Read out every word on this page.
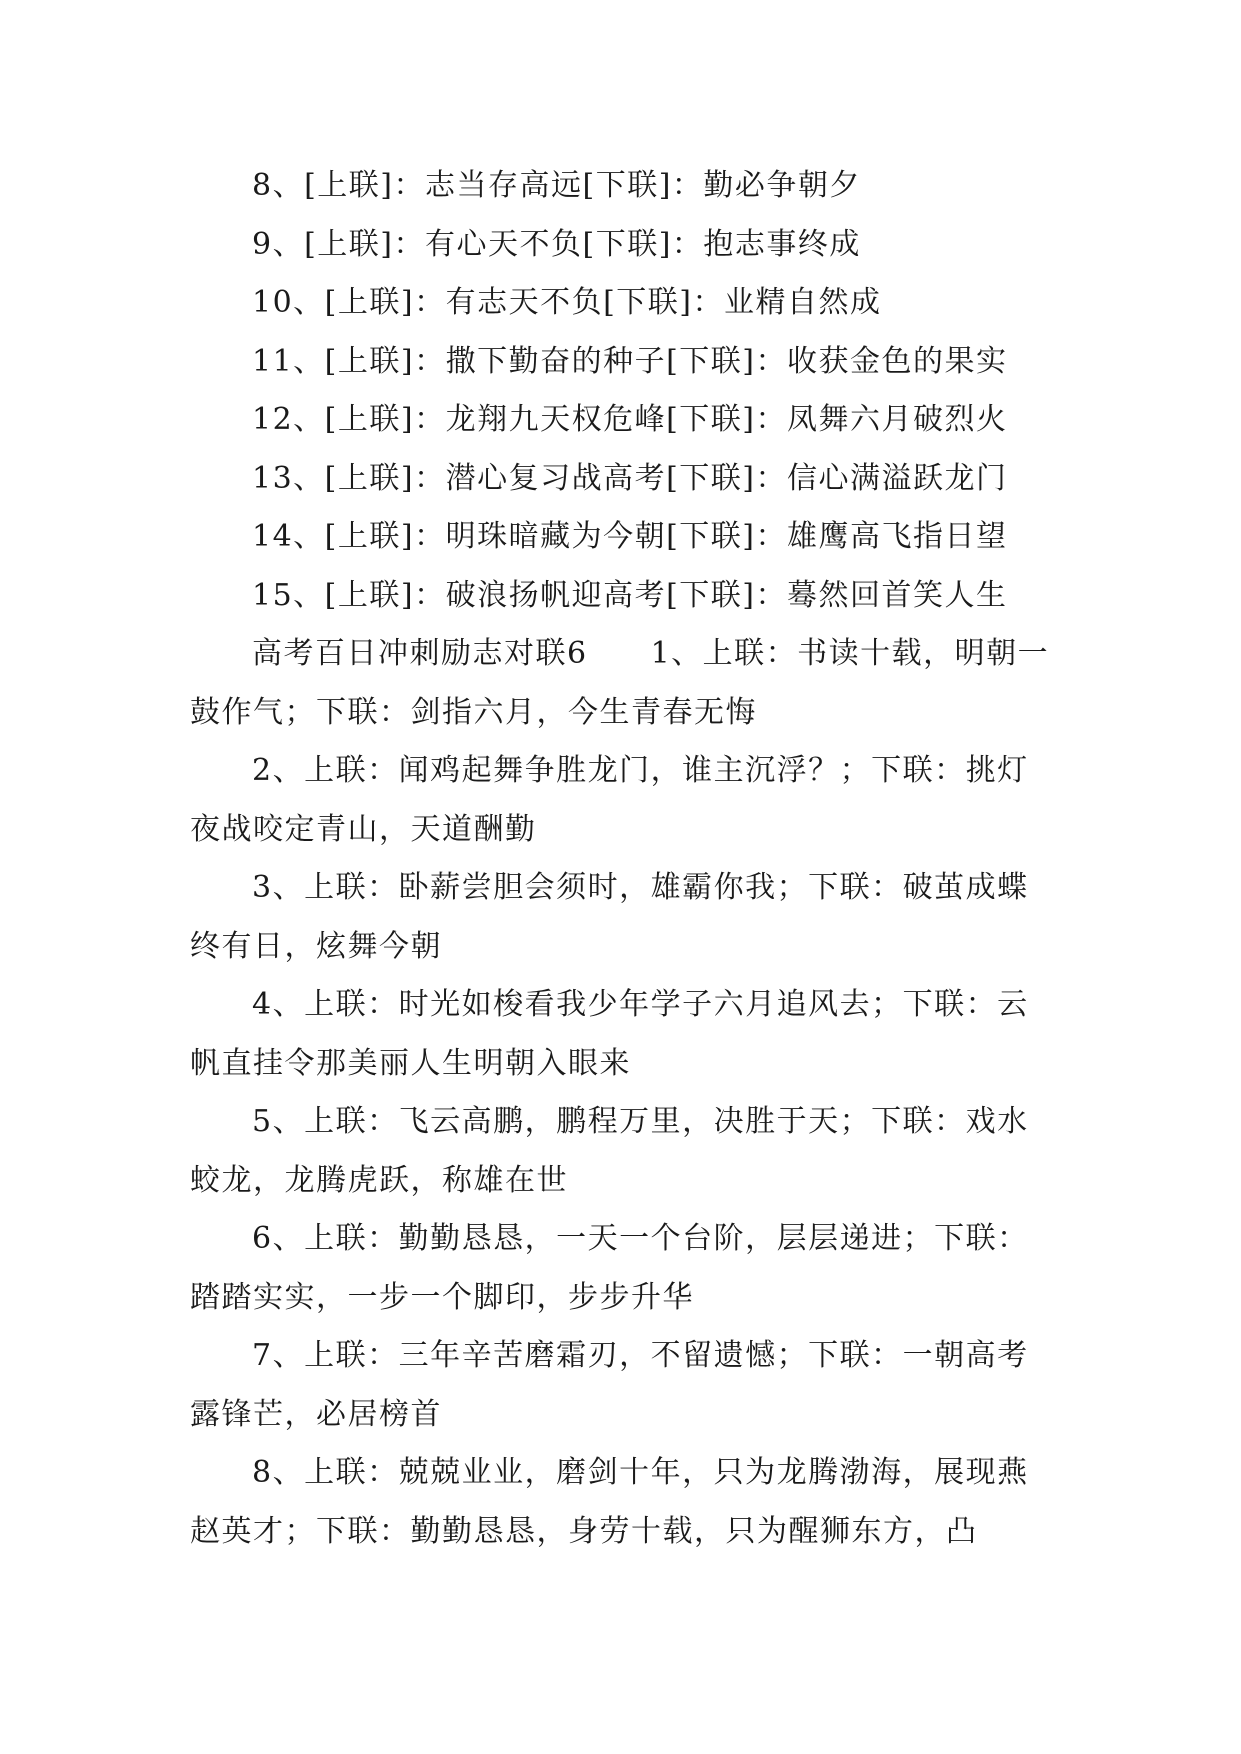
8、[上联]：志当存高远[下联]：勤必争朝夕

9、[上联]：有心天不负[下联]：抱志事终成

10、[上联]：有志天不负[下联]：业精自然成

11、[上联]：撒下勤奋的种子[下联]：收获金色的果实

12、[上联]：龙翔九天权危峰[下联]：凤舞六月破烈火

13、[上联]：潜心复习战高考[下联]：信心满溢跃龙门

14、[上联]：明珠暗藏为今朝[下联]：雄鹰高飞指日望

15、[上联]：破浪扬帆迎高考[下联]：蓦然回首笑人生

高考百日冲刺励志对联6　　1、上联：书读十载，明朝一鼓作气；下联：剑指六月，今生青春无悔

2、上联：闻鸡起舞争胜龙门，谁主沉浮？；下联：挑灯夜战咬定青山，天道酬勤

3、上联：卧薪尝胆会须时，雄霸你我；下联：破茧成蝶终有日，炫舞今朝

4、上联：时光如梭看我少年学子六月追风去；下联：云帆直挂令那美丽人生明朝入眼来

5、上联：飞云高鹏，鹏程万里，决胜于天；下联：戏水蛟龙，龙腾虎跃，称雄在世

6、上联：勤勤恳恳，一天一个台阶，层层递进；下联：踏踏实实，一步一个脚印，步步升华

7、上联：三年辛苦磨霜刃，不留遗憾；下联：一朝高考露锋芒，必居榜首

8、上联：兢兢业业，磨剑十年，只为龙腾渤海，展现燕赵英才；下联：勤勤恳恳，身劳十载，只为醒狮东方，凸
